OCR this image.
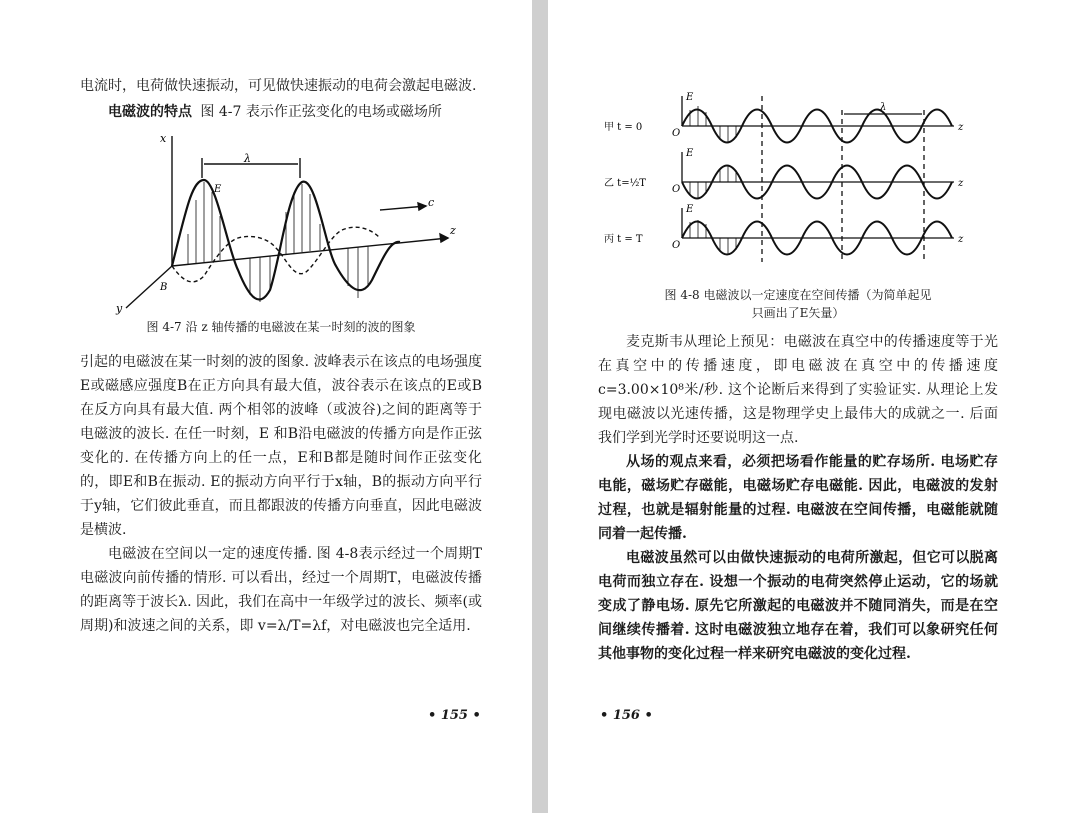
电流时，电荷做快速振动，可见做快速振动的电荷会激起电磁波.

电磁波的特点 图 4-7 表示作正弦变化的电场或磁场所

x
y
z
c
E
B
λ

图 4-7 沿 z 轴传播的电磁波在某一时刻的波的图象

引起的电磁波在某一时刻的波的图象. 波峰表示在该点的电场强度E或磁感应强度B在正方向具有最大值，波谷表示在该点的E或B在反方向具有最大值. 两个相邻的波峰（或波谷)之间的距离等于电磁波的波长. 在任一时刻，E 和B沿电磁波的传播方向是作正弦变化的. 在传播方向上的任一点，E和B都是随时间作正弦变化的，即E和B在振动. E的振动方向平行于x轴，B的振动方向平行于y轴，它们彼此垂直，而且都跟波的传播方向垂直，因此电磁波是横波.

电磁波在空间以一定的速度传播. 图 4-8表示经过一个周期T电磁波向前传播的情形. 可以看出，经过一个周期T，电磁波传播的距离等于波长λ. 因此，我们在高中一年级学过的波长、频率(或周期)和波速之间的关系，即 v=λ/T=λf，对电磁波也完全适用.

• 155 •
甲 t = 0
乙 t=½T
丙 t = T
O
O
O
E
E
E
z
z
z
λ

图 4-8 电磁波以一定速度在空间传播（为简单起见

只画出了E矢量）

麦克斯韦从理论上预见：电磁波在真空中的传播速度等于光在真空中的传播速度，即电磁波在真空中的传播速度c=3.00×10⁸米/秒. 这个论断后来得到了实验证实. 从理论上发现电磁波以光速传播，这是物理学史上最伟大的成就之一. 后面我们学到光学时还要说明这一点.

从场的观点来看，必须把场看作能量的贮存场所. 电场贮存电能，磁场贮存磁能，电磁场贮存电磁能. 因此，电磁波的发射过程，也就是辐射能量的过程. 电磁波在空间传播，电磁能就随同着一起传播.

电磁波虽然可以由做快速振动的电荷所激起，但它可以脱离电荷而独立存在. 设想一个振动的电荷突然停止运动，它的场就变成了静电场. 原先它所激起的电磁波并不随同消失，而是在空间继续传播着. 这时电磁波独立地存在着，我们可以象研究任何其他事物的变化过程一样来研究电磁波的变化过程.

• 156 •
